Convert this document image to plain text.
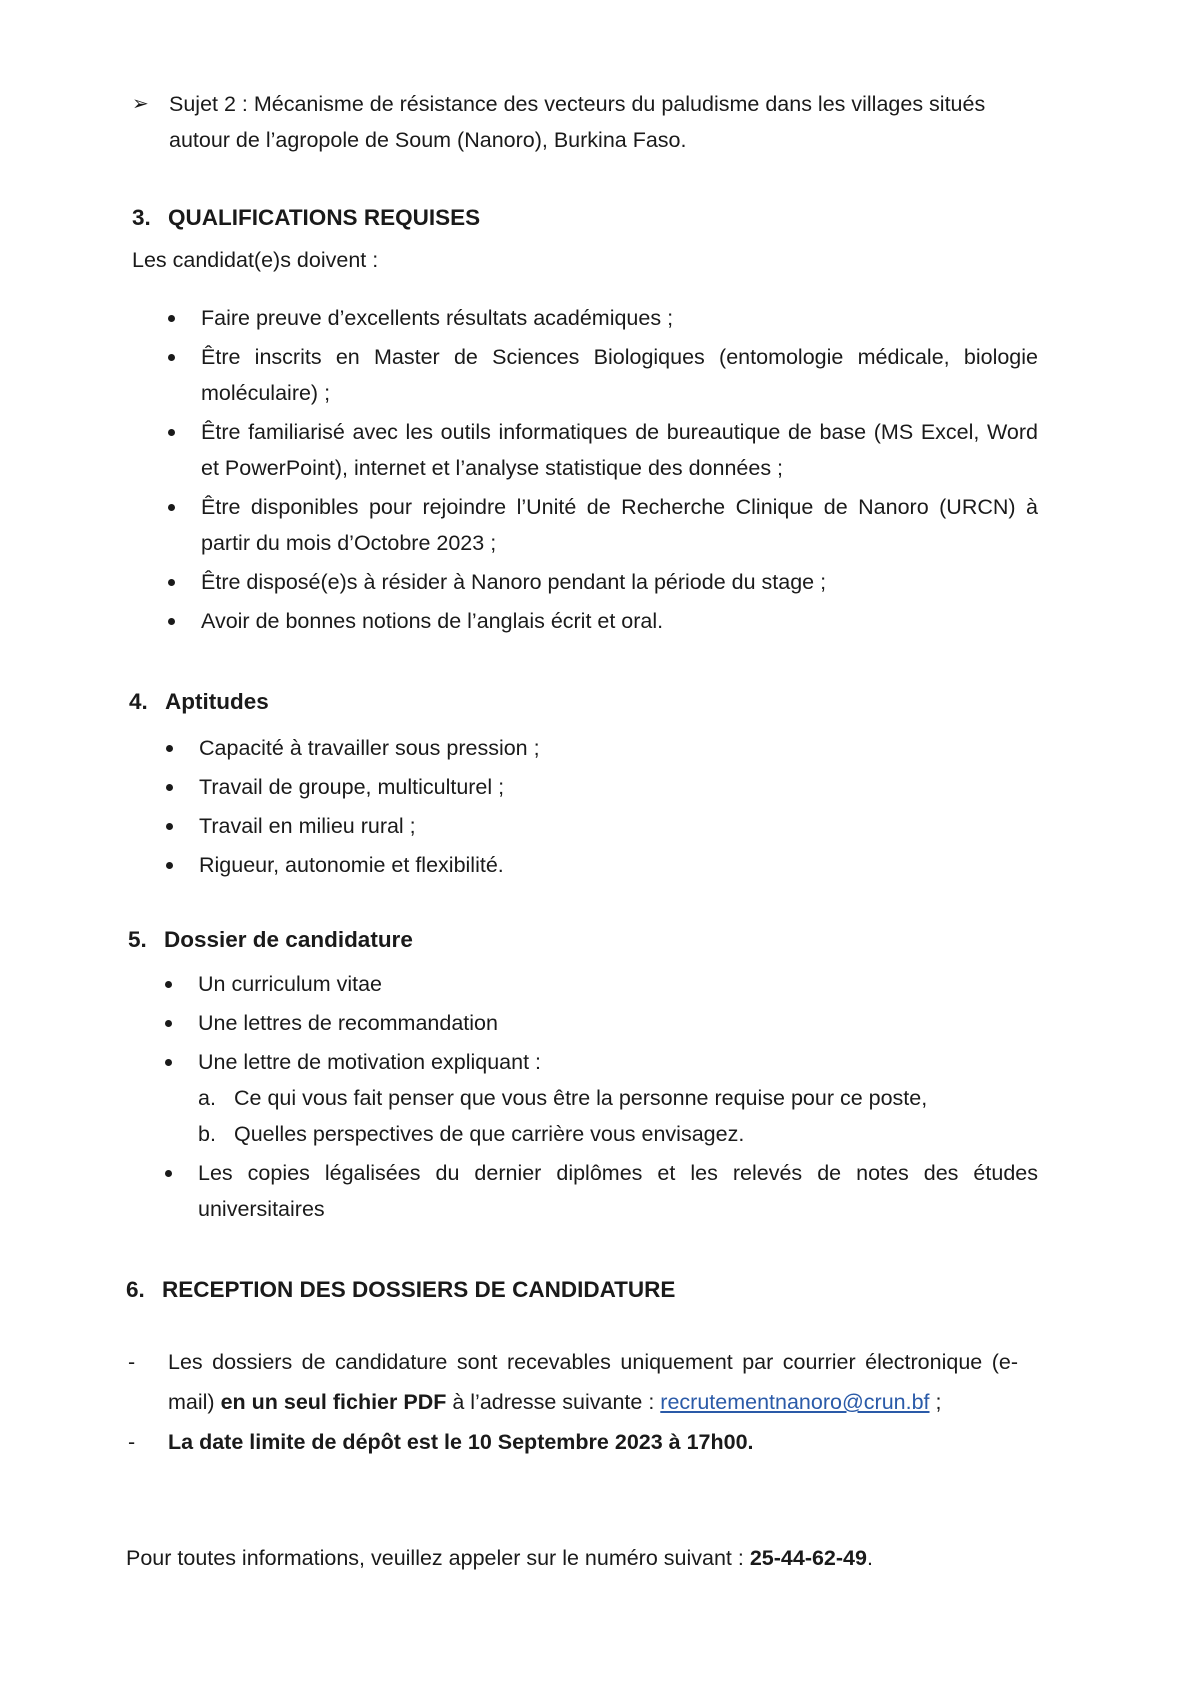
➢ Sujet 2 : Mécanisme de résistance des vecteurs du paludisme dans les villages situés autour de l’agropole de Soum (Nanoro), Burkina Faso.
3. QUALIFICATIONS REQUISES
Les candidat(e)s doivent :
Faire preuve d’excellents résultats académiques ;
Être inscrits en Master de Sciences Biologiques (entomologie médicale, biologie moléculaire) ;
Être familiarisé avec les outils informatiques de bureautique de base (MS Excel, Word et PowerPoint), internet et l’analyse statistique des données ;
Être disponibles pour rejoindre l’Unité de Recherche Clinique de Nanoro (URCN) à partir du mois d’Octobre 2023 ;
Être disposé(e)s à résider à Nanoro pendant la période du stage ;
Avoir de bonnes notions de l’anglais écrit et oral.
4. Aptitudes
Capacité à travailler sous pression ;
Travail de groupe, multiculturel ;
Travail en milieu rural ;
Rigueur, autonomie et flexibilité.
5. Dossier de candidature
Un curriculum vitae
Une lettres de recommandation
Une lettre de motivation expliquant :
a. Ce qui vous fait penser que vous être la personne requise pour ce poste,
b. Quelles perspectives de que carrière vous envisagez.
Les copies légalisées du dernier diplômes et les relevés de notes des études universitaires
6. RECEPTION DES DOSSIERS DE CANDIDATURE
- Les dossiers de candidature sont recevables uniquement par courrier électronique (e-mail) en un seul fichier PDF à l’adresse suivante : recrutementnanoro@crun.bf ;
- La date limite de dépôt est le 10 Septembre 2023 à 17h00.
Pour toutes informations, veuillez appeler sur le numéro suivant : 25-44-62-49.
